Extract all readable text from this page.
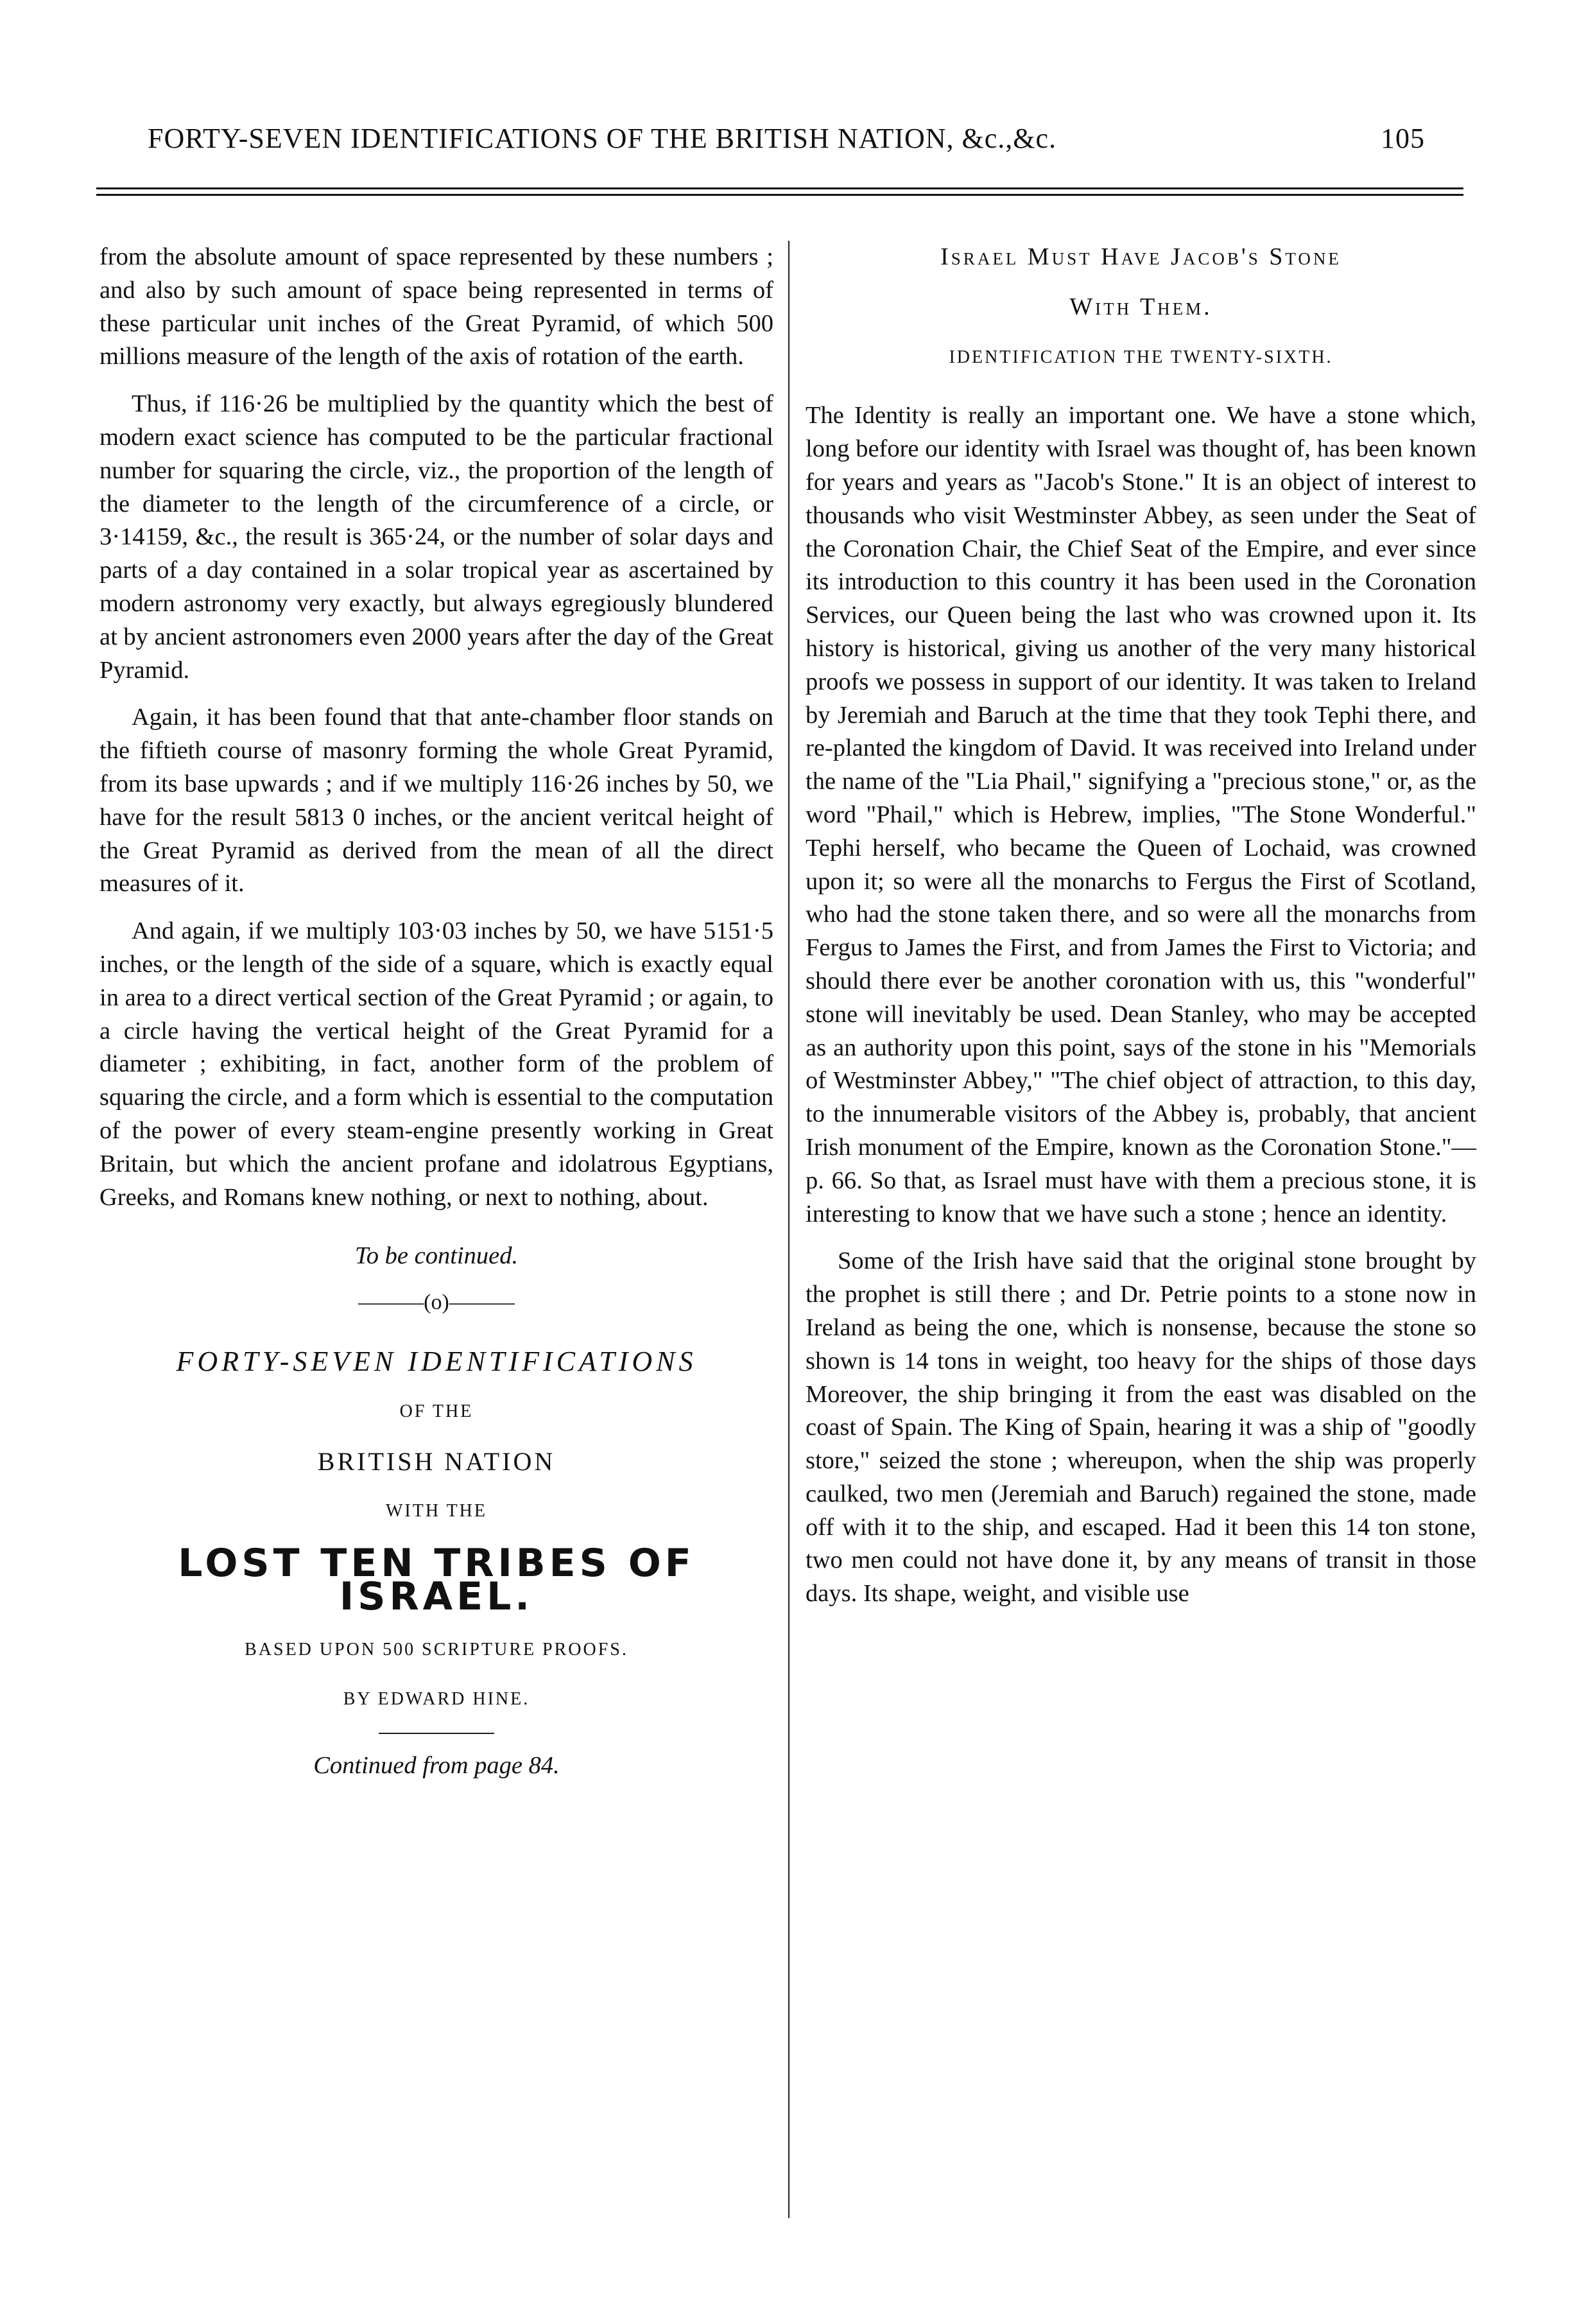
FORTY-SEVEN IDENTIFICATIONS OF THE BRITISH NATION, &c.,&c.	105

from the absolute amount of space represented by these numbers ; and also by such amount of space being represented in terms of these particular unit inches of the Great Pyramid, of which 500 millions measure of the length of the axis of rotation of the earth.

Thus, if 116·26 be multiplied by the quantity which the best of modern exact science has computed to be the particular fractional number for squaring the circle, viz., the proportion of the length of the diameter to the length of the circumference of a circle, or 3·14159, &c., the result is 365·24, or the number of solar days and parts of a day contained in a solar tropical year as ascertained by modern astronomy very exactly, but always egregiously blundered at by ancient astronomers even 2000 years after the day of the Great Pyramid.

Again, it has been found that that ante-chamber floor stands on the fiftieth course of masonry forming the whole Great Pyramid, from its base upwards ; and if we multiply 116·26 inches by 50, we have for the result 5813 0 inches, or the ancient veritcal height of the Great Pyramid as derived from the mean of all the direct measures of it.

And again, if we multiply 103·03 inches by 50, we have 5151·5 inches, or the length of the side of a square, which is exactly equal in area to a direct vertical section of the Great Pyramid ; or again, to a circle having the vertical height of the Great Pyramid for a diameter ; exhibiting, in fact, another form of the problem of squaring the circle, and a form which is essential to the computation of the power of every steam-engine presently working in Great Britain, but which the ancient profane and idolatrous Egyptians, Greeks, and Romans knew nothing, or next to nothing, about.

To be continued.
———(o)———
FORTY-SEVEN IDENTIFICATIONS
OF THE
BRITISH NATION
WITH THE
LOST TEN TRIBES OF ISRAEL.
BASED UPON 500 SCRIPTURE PROOFS.
BY EDWARD HINE.
Continued from page 84.
Israel Must Have Jacob's Stone
With Them.
IDENTIFICATION THE TWENTY-SIXTH.

The Identity is really an important one. We have a stone which, long before our identity with Israel was thought of, has been known for years and years as "Jacob's Stone." It is an object of interest to thousands who visit Westminster Abbey, as seen under the Seat of the Coronation Chair, the Chief Seat of the Empire, and ever since its introduction to this country it has been used in the Coronation Services, our Queen being the last who was crowned upon it. Its history is historical, giving us another of the very many historical proofs we possess in support of our identity. It was taken to Ireland by Jeremiah and Baruch at the time that they took Tephi there, and re-planted the kingdom of David. It was received into Ireland under the name of the "Lia Phail," signifying a "precious stone," or, as the word "Phail," which is Hebrew, implies, "The Stone Wonderful." Tephi herself, who became the Queen of Lochaid, was crowned upon it; so were all the monarchs to Fergus the First of Scotland, who had the stone taken there, and so were all the monarchs from Fergus to James the First, and from James the First to Victoria; and should there ever be another coronation with us, this "wonderful" stone will inevitably be used. Dean Stanley, who may be accepted as an authority upon this point, says of the stone in his "Memorials of Westminster Abbey," "The chief object of attraction, to this day, to the innumerable visitors of the Abbey is, probably, that ancient Irish monument of the Empire, known as the Coronation Stone."—p. 66. So that, as Israel must have with them a precious stone, it is interesting to know that we have such a stone ; hence an identity.

Some of the Irish have said that the original stone brought by the prophet is still there ; and Dr. Petrie points to a stone now in Ireland as being the one, which is nonsense, because the stone so shown is 14 tons in weight, too heavy for the ships of those days Moreover, the ship bringing it from the east was disabled on the coast of Spain. The King of Spain, hearing it was a ship of "goodly store," seized the stone ; whereupon, when the ship was properly caulked, two men (Jeremiah and Baruch) regained the stone, made off with it to the ship, and escaped. Had it been this 14 ton stone, two men could not have done it, by any means of transit in those days. Its shape, weight, and visible use
